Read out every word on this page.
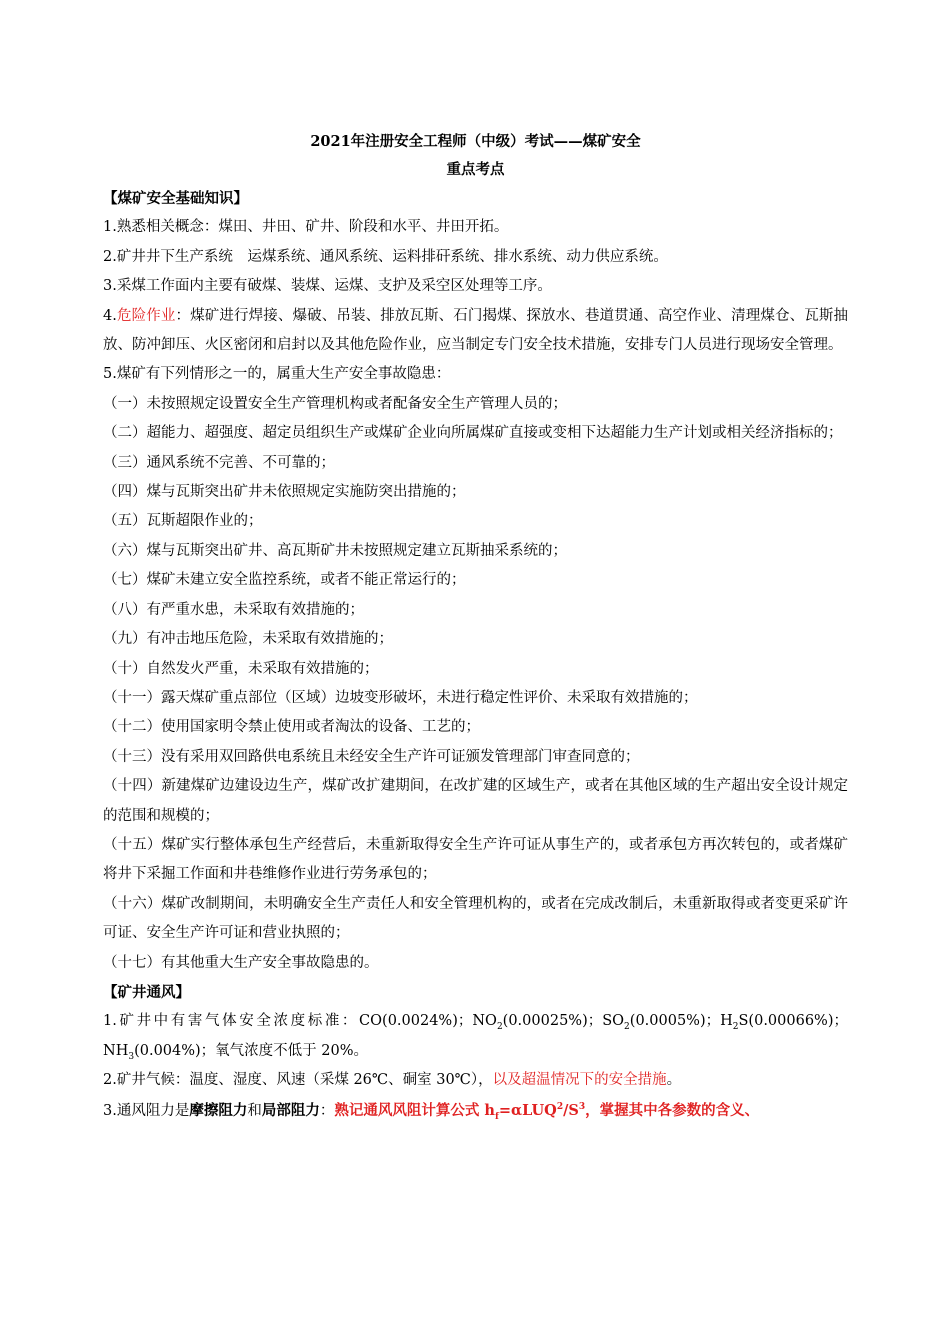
2021年注册安全工程师（中级）考试——煤矿安全
重点考点
【煤矿安全基础知识】
1.熟悉相关概念：煤田、井田、矿井、阶段和水平、井田开拓。
2.矿井井下生产系统　运煤系统、通风系统、运料排矸系统、排水系统、动力供应系统。
3.采煤工作面内主要有破煤、装煤、运煤、支护及采空区处理等工序。
4.危险作业：煤矿进行焊接、爆破、吊装、排放瓦斯、石门揭煤、探放水、巷道贯通、高空作业、清理煤仓、瓦斯抽放、防冲卸压、火区密闭和启封以及其他危险作业，应当制定专门安全技术措施，安排专门人员进行现场安全管理。
5.煤矿有下列情形之一的，属重大生产安全事故隐患：
（一）未按照规定设置安全生产管理机构或者配备安全生产管理人员的；
（二）超能力、超强度、超定员组织生产或煤矿企业向所属煤矿直接或变相下达超能力生产计划或相关经济指标的；
（三）通风系统不完善、不可靠的；
（四）煤与瓦斯突出矿井未依照规定实施防突出措施的；
（五）瓦斯超限作业的；
（六）煤与瓦斯突出矿井、高瓦斯矿井未按照规定建立瓦斯抽采系统的；
（七）煤矿未建立安全监控系统，或者不能正常运行的；
（八）有严重水患，未采取有效措施的；
（九）有冲击地压危险，未采取有效措施的；
（十）自然发火严重，未采取有效措施的；
（十一）露天煤矿重点部位（区域）边坡变形破坏，未进行稳定性评价、未采取有效措施的；
（十二）使用国家明令禁止使用或者淘汰的设备、工艺的；
（十三）没有采用双回路供电系统且未经安全生产许可证颁发管理部门审查同意的；
（十四）新建煤矿边建设边生产，煤矿改扩建期间，在改扩建的区域生产，或者在其他区域的生产超出安全设计规定的范围和规模的；
（十五）煤矿实行整体承包生产经营后，未重新取得安全生产许可证从事生产的，或者承包方再次转包的，或者煤矿将井下采掘工作面和井巷维修作业进行劳务承包的；
（十六）煤矿改制期间，未明确安全生产责任人和安全管理机构的，或者在完成改制后，未重新取得或者变更采矿许可证、安全生产许可证和营业执照的；
（十七）有其他重大生产安全事故隐患的。
【矿井通风】
1.矿井中有害气体安全浓度标准：CO(0.0024%)；$NO_2(0.00025\%)$；$SO_2(0.0005\%)$；$H_2S(0.00066\%)$；$NH_3(0.004\%)$；氧气浓度不低于 20%。
2.矿井气候：温度、湿度、风速（采煤 26℃、硐室 30℃），以及超温情况下的安全措施。
3.通风阻力是摩擦阻力和局部阻力：熟记通风风阻计算公式 $h_f=\alpha LUQ^2/S^3$，掌握其中各参数的含义、
